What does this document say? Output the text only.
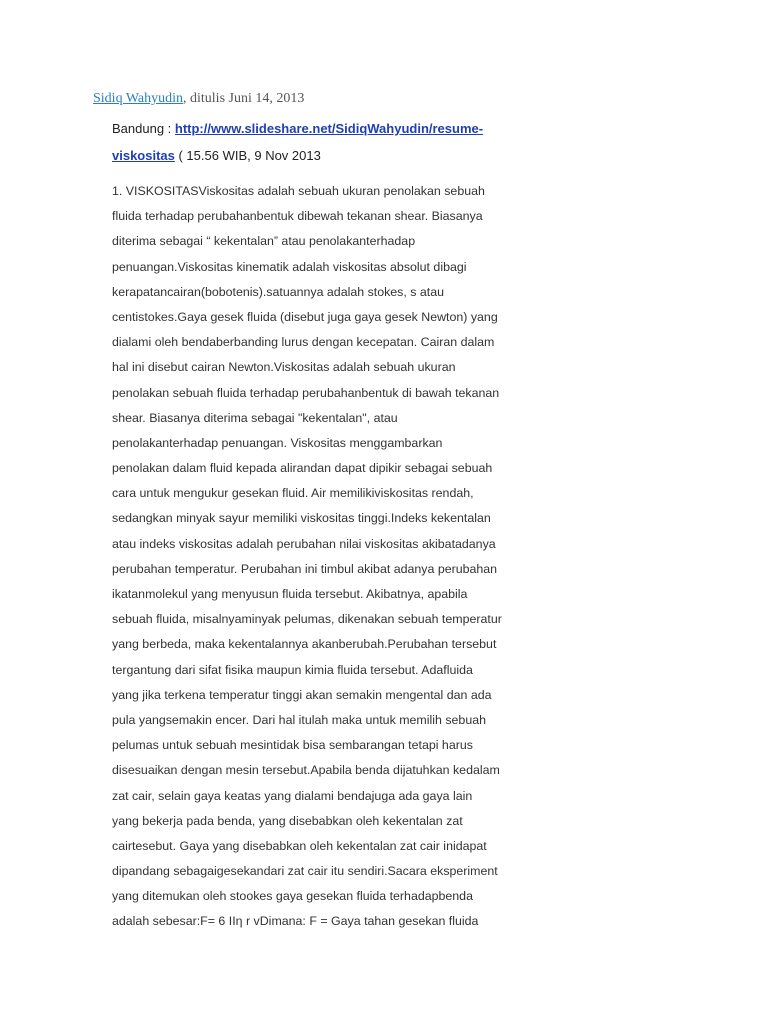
Sidiq Wahyudin, ditulis Juni 14, 2013
Bandung : http://www.slideshare.net/SidiqWahyudin/resume-
viskositas ( 15.56 WIB, 9 Nov 2013
1. VISKOSITASViskositas adalah sebuah ukuran penolakan sebuah
fluida terhadap perubahanbentuk dibewah tekanan shear. Biasanya
diterima sebagai “ kekentalan” atau penolakanterhadap
penuangan.Viskositas kinematik adalah viskositas absolut dibagi
kerapatancairan(bobotenis).satuannya adalah stokes, s atau
centistokes.Gaya gesek fluida (disebut juga gaya gesek Newton) yang
dialami oleh bendaberbanding lurus dengan kecepatan. Cairan dalam
hal ini disebut cairan Newton.Viskositas adalah sebuah ukuran
penolakan sebuah fluida terhadap perubahanbentuk di bawah tekanan
shear. Biasanya diterima sebagai "kekentalan", atau
penolakanterhadap penuangan. Viskositas menggambarkan
penolakan dalam fluid kepada alirandan dapat dipikir sebagai sebuah
cara untuk mengukur gesekan fluid. Air memilikiviskositas rendah,
sedangkan minyak sayur memiliki viskositas tinggi.Indeks kekentalan
atau indeks viskositas adalah perubahan nilai viskositas akibatadanya
perubahan temperatur. Perubahan ini timbul akibat adanya perubahan
ikatanmolekul yang menyusun fluida tersebut. Akibatnya, apabila
sebuah fluida, misalnyaminyak pelumas, dikenakan sebuah temperatur
yang berbeda, maka kekentalannya akanberubah.Perubahan tersebut
tergantung dari sifat fisika maupun kimia fluida tersebut. Adafluida
yang jika terkena temperatur tinggi akan semakin mengental dan ada
pula yangsemakin encer. Dari hal itulah maka untuk memilih sebuah
pelumas untuk sebuah mesintidak bisa sembarangan tetapi harus
disesuaikan dengan mesin tersebut.Apabila benda dijatuhkan kedalam
zat cair, selain gaya keatas yang dialami bendajuga ada gaya lain
yang bekerja pada benda, yang disebabkan oleh kekentalan zat
cairtesebut. Gaya yang disebabkan oleh kekentalan zat cair inidapat
dipandang sebagaigesekandari zat cair itu sendiri.Sacara eksperiment
yang ditemukan oleh stookes gaya gesekan fluida terhadapbenda
adalah sebesar:F= 6 IIη r vDimana: F = Gaya tahan gesekan fluida
